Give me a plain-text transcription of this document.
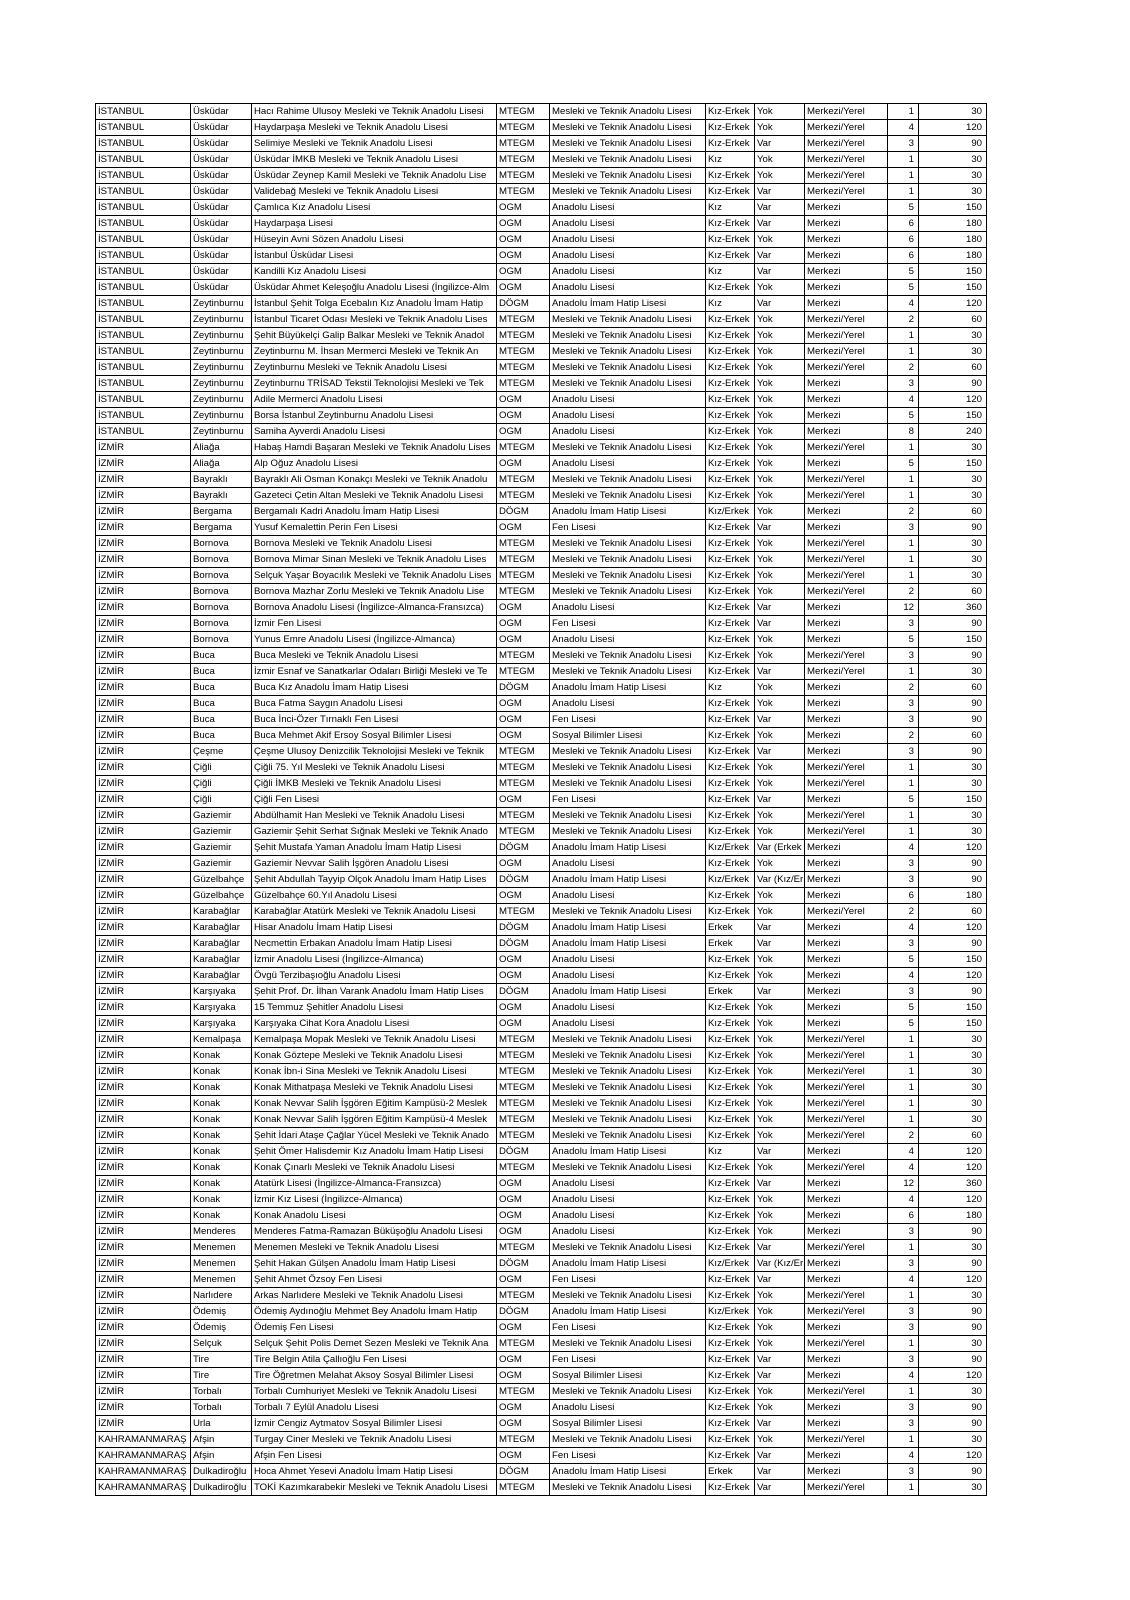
İSTANBUL	Üsküdar	Hacı Rahime Ulusoy Mesleki ve Teknik Anadolu Lisesi	MTEGM	Mesleki ve Teknik Anadolu Lisesi	Kız-Erkek	Yok	Merkezi/Yerel	1	30
İSTANBUL	Üsküdar	Haydarpaşa Mesleki ve Teknik Anadolu Lisesi	MTEGM	Mesleki ve Teknik Anadolu Lisesi	Kız-Erkek	Yok	Merkezi/Yerel	4	120
İSTANBUL	Üsküdar	Selimiye Mesleki ve Teknik Anadolu Lisesi	MTEGM	Mesleki ve Teknik Anadolu Lisesi	Kız-Erkek	Var	Merkezi/Yerel	3	90
İSTANBUL	Üsküdar	Üsküdar İMKB Mesleki ve Teknik Anadolu Lisesi	MTEGM	Mesleki ve Teknik Anadolu Lisesi	Kız	Yok	Merkezi/Yerel	1	30
İSTANBUL	Üsküdar	Üsküdar Zeynep Kamil Mesleki ve Teknik Anadolu Lise	MTEGM	Mesleki ve Teknik Anadolu Lisesi	Kız-Erkek	Yok	Merkezi/Yerel	1	30
İSTANBUL	Üsküdar	Validebağ Mesleki ve Teknik Anadolu Lisesi	MTEGM	Mesleki ve Teknik Anadolu Lisesi	Kız-Erkek	Var	Merkezi/Yerel	1	30
İSTANBUL	Üsküdar	Çamlıca Kız Anadolu Lisesi	OGM	Anadolu Lisesi	Kız	Var	Merkezi	5	150
İSTANBUL	Üsküdar	Haydarpaşa Lisesi	OGM	Anadolu Lisesi	Kız-Erkek	Var	Merkezi	6	180
İSTANBUL	Üsküdar	Hüseyin Avni Sözen Anadolu Lisesi	OGM	Anadolu Lisesi	Kız-Erkek	Yok	Merkezi	6	180
İSTANBUL	Üsküdar	İstanbul Üsküdar Lisesi	OGM	Anadolu Lisesi	Kız-Erkek	Var	Merkezi	6	180
İSTANBUL	Üsküdar	Kandilli Kız Anadolu Lisesi	OGM	Anadolu Lisesi	Kız	Var	Merkezi	5	150
İSTANBUL	Üsküdar	Üsküdar Ahmet Keleşoğlu Anadolu Lisesi (İngilizce-Alm	OGM	Anadolu Lisesi	Kız-Erkek	Yok	Merkezi	5	150
İSTANBUL	Zeytinburnu	İstanbul Şehit Tolga Ecebalın Kız Anadolu İmam Hatip	DÖGM	Anadolu İmam Hatip Lisesi	Kız	Var	Merkezi	4	120
İSTANBUL	Zeytinburnu	İstanbul Ticaret Odası Mesleki ve Teknik Anadolu Lises	MTEGM	Mesleki ve Teknik Anadolu Lisesi	Kız-Erkek	Yok	Merkezi/Yerel	2	60
İSTANBUL	Zeytinburnu	Şehit Büyükelçi Galip Balkar Mesleki ve Teknik Anadol	MTEGM	Mesleki ve Teknik Anadolu Lisesi	Kız-Erkek	Yok	Merkezi/Yerel	1	30
İSTANBUL	Zeytinburnu	Zeytinburnu M. İhsan Mermerci Mesleki ve Teknik An	MTEGM	Mesleki ve Teknik Anadolu Lisesi	Kız-Erkek	Yok	Merkezi/Yerel	1	30
İSTANBUL	Zeytinburnu	Zeytinburnu Mesleki ve Teknik Anadolu Lisesi	MTEGM	Mesleki ve Teknik Anadolu Lisesi	Kız-Erkek	Yok	Merkezi/Yerel	2	60
İSTANBUL	Zeytinburnu	Zeytinburnu TRİSAD Tekstil Teknolojisi Mesleki ve Tek	MTEGM	Mesleki ve Teknik Anadolu Lisesi	Kız-Erkek	Yok	Merkezi	3	90
İSTANBUL	Zeytinburnu	Adile Mermerci Anadolu Lisesi	OGM	Anadolu Lisesi	Kız-Erkek	Yok	Merkezi	4	120
İSTANBUL	Zeytinburnu	Borsa İstanbul Zeytinburnu Anadolu Lisesi	OGM	Anadolu Lisesi	Kız-Erkek	Yok	Merkezi	5	150
İSTANBUL	Zeytinburnu	Samiha Ayverdi Anadolu Lisesi	OGM	Anadolu Lisesi	Kız-Erkek	Yok	Merkezi	8	240
İZMİR	Aliağa	Habaş Hamdi Başaran Mesleki ve Teknik Anadolu Lises	MTEGM	Mesleki ve Teknik Anadolu Lisesi	Kız-Erkek	Yok	Merkezi/Yerel	1	30
İZMİR	Aliağa	Alp Oğuz Anadolu Lisesi	OGM	Anadolu Lisesi	Kız-Erkek	Yok	Merkezi	5	150
İZMİR	Bayraklı	Bayraklı Ali Osman Konakçı Mesleki ve Teknik Anadolu	MTEGM	Mesleki ve Teknik Anadolu Lisesi	Kız-Erkek	Yok	Merkezi/Yerel	1	30
İZMİR	Bayraklı	Gazeteci Çetin Altan Mesleki ve Teknik Anadolu Lisesi	MTEGM	Mesleki ve Teknik Anadolu Lisesi	Kız-Erkek	Yok	Merkezi/Yerel	1	30
İZMİR	Bergama	Bergamalı Kadri Anadolu İmam Hatip Lisesi	DÖGM	Anadolu İmam Hatip Lisesi	Kız/Erkek	Yok	Merkezi	2	60
İZMİR	Bergama	Yusuf Kemalettin Perin Fen Lisesi	OGM	Fen Lisesi	Kız-Erkek	Var	Merkezi	3	90
İZMİR	Bornova	Bornova Mesleki ve Teknik Anadolu Lisesi	MTEGM	Mesleki ve Teknik Anadolu Lisesi	Kız-Erkek	Yok	Merkezi/Yerel	1	30
İZMİR	Bornova	Bornova Mimar Sinan Mesleki ve Teknik Anadolu Lises	MTEGM	Mesleki ve Teknik Anadolu Lisesi	Kız-Erkek	Yok	Merkezi/Yerel	1	30
İZMİR	Bornova	Selçuk Yaşar Boyacılık Mesleki ve Teknik Anadolu Lises	MTEGM	Mesleki ve Teknik Anadolu Lisesi	Kız-Erkek	Yok	Merkezi/Yerel	1	30
İZMİR	Bornova	Bornova Mazhar Zorlu Mesleki ve Teknik Anadolu Lise	MTEGM	Mesleki ve Teknik Anadolu Lisesi	Kız-Erkek	Yok	Merkezi/Yerel	2	60
İZMİR	Bornova	Bornova Anadolu Lisesi (İngilizce-Almanca-Fransızca)	OGM	Anadolu Lisesi	Kız-Erkek	Var	Merkezi	12	360
İZMİR	Bornova	İzmir Fen Lisesi	OGM	Fen Lisesi	Kız-Erkek	Var	Merkezi	3	90
İZMİR	Bornova	Yunus Emre Anadolu Lisesi (İngilizce-Almanca)	OGM	Anadolu Lisesi	Kız-Erkek	Yok	Merkezi	5	150
İZMİR	Buca	Buca Mesleki ve Teknik Anadolu Lisesi	MTEGM	Mesleki ve Teknik Anadolu Lisesi	Kız-Erkek	Yok	Merkezi/Yerel	3	90
İZMİR	Buca	İzmir Esnaf ve Sanatkarlar Odaları Birliği Mesleki ve Te	MTEGM	Mesleki ve Teknik Anadolu Lisesi	Kız-Erkek	Var	Merkezi/Yerel	1	30
İZMİR	Buca	Buca Kız Anadolu İmam Hatip Lisesi	DÖGM	Anadolu İmam Hatip Lisesi	Kız	Yok	Merkezi	2	60
İZMİR	Buca	Buca Fatma Saygın Anadolu Lisesi	OGM	Anadolu Lisesi	Kız-Erkek	Yok	Merkezi	3	90
İZMİR	Buca	Buca İnci-Özer Tırnaklı Fen Lisesi	OGM	Fen Lisesi	Kız-Erkek	Var	Merkezi	3	90
İZMİR	Buca	Buca Mehmet Akif Ersoy Sosyal Bilimler Lisesi	OGM	Sosyal Bilimler Lisesi	Kız-Erkek	Yok	Merkezi	2	60
İZMİR	Çeşme	Çeşme Ulusoy Denizcilik Teknolojisi Mesleki ve Teknik	MTEGM	Mesleki ve Teknik Anadolu Lisesi	Kız-Erkek	Var	Merkezi	3	90
İZMİR	Çiğli	Çiğli 75. Yıl Mesleki ve Teknik Anadolu Lisesi	MTEGM	Mesleki ve Teknik Anadolu Lisesi	Kız-Erkek	Yok	Merkezi/Yerel	1	30
İZMİR	Çiğli	Çiğli İMKB Mesleki ve Teknik Anadolu Lisesi	MTEGM	Mesleki ve Teknik Anadolu Lisesi	Kız-Erkek	Yok	Merkezi/Yerel	1	30
İZMİR	Çiğli	Çiğli Fen Lisesi	OGM	Fen Lisesi	Kız-Erkek	Var	Merkezi	5	150
İZMİR	Gaziemir	Abdülhamit Han Mesleki ve Teknik Anadolu Lisesi	MTEGM	Mesleki ve Teknik Anadolu Lisesi	Kız-Erkek	Yok	Merkezi/Yerel	1	30
İZMİR	Gaziemir	Gaziemir Şehit Serhat Sığnak Mesleki ve Teknik Anado	MTEGM	Mesleki ve Teknik Anadolu Lisesi	Kız-Erkek	Yok	Merkezi/Yerel	1	30
İZMİR	Gaziemir	Şehit Mustafa Yaman Anadolu İmam Hatip Lisesi	DÖGM	Anadolu İmam Hatip Lisesi	Kız/Erkek	Var (Erkek	Merkezi	4	120
İZMİR	Gaziemir	Gaziemir Nevvar Salih İşgören Anadolu Lisesi	OGM	Anadolu Lisesi	Kız-Erkek	Yok	Merkezi	3	90
İZMİR	Güzelbahçe	Şehit Abdullah Tayyip Olçok Anadolu İmam Hatip Lises	DÖGM	Anadolu İmam Hatip Lisesi	Kız/Erkek	Var (Kız/Er	Merkezi	3	90
İZMİR	Güzelbahçe	Güzelbahçe 60.Yıl Anadolu Lisesi	OGM	Anadolu Lisesi	Kız-Erkek	Yok	Merkezi	6	180
İZMİR	Karabağlar	Karabağlar Atatürk Mesleki ve Teknik Anadolu Lisesi	MTEGM	Mesleki ve Teknik Anadolu Lisesi	Kız-Erkek	Yok	Merkezi/Yerel	2	60
İZMİR	Karabağlar	Hisar Anadolu İmam Hatip Lisesi	DÖGM	Anadolu İmam Hatip Lisesi	Erkek	Var	Merkezi	4	120
İZMİR	Karabağlar	Necmettin Erbakan Anadolu İmam Hatip Lisesi	DÖGM	Anadolu İmam Hatip Lisesi	Erkek	Var	Merkezi	3	90
İZMİR	Karabağlar	İzmir Anadolu Lisesi (İngilizce-Almanca)	OGM	Anadolu Lisesi	Kız-Erkek	Yok	Merkezi	5	150
İZMİR	Karabağlar	Övgü Terzibaşıoğlu Anadolu Lisesi	OGM	Anadolu Lisesi	Kız-Erkek	Yok	Merkezi	4	120
İZMİR	Karşıyaka	Şehit Prof. Dr. İlhan Varank Anadolu İmam Hatip Lises	DÖGM	Anadolu İmam Hatip Lisesi	Erkek	Var	Merkezi	3	90
İZMİR	Karşıyaka	15 Temmuz Şehitler Anadolu Lisesi	OGM	Anadolu Lisesi	Kız-Erkek	Yok	Merkezi	5	150
İZMİR	Karşıyaka	Karşıyaka Cihat Kora Anadolu Lisesi	OGM	Anadolu Lisesi	Kız-Erkek	Yok	Merkezi	5	150
İZMİR	Kemalpaşa	Kemalpaşa Mopak Mesleki ve Teknik Anadolu Lisesi	MTEGM	Mesleki ve Teknik Anadolu Lisesi	Kız-Erkek	Yok	Merkezi/Yerel	1	30
İZMİR	Konak	Konak Göztepe Mesleki ve Teknik Anadolu Lisesi	MTEGM	Mesleki ve Teknik Anadolu Lisesi	Kız-Erkek	Yok	Merkezi/Yerel	1	30
İZMİR	Konak	Konak İbn-i Sina Mesleki ve Teknik Anadolu Lisesi	MTEGM	Mesleki ve Teknik Anadolu Lisesi	Kız-Erkek	Yok	Merkezi/Yerel	1	30
İZMİR	Konak	Konak Mithatpaşa Mesleki ve Teknik Anadolu Lisesi	MTEGM	Mesleki ve Teknik Anadolu Lisesi	Kız-Erkek	Yok	Merkezi/Yerel	1	30
İZMİR	Konak	Konak Nevvar Salih İşgören Eğitim Kampüsü-2 Meslek	MTEGM	Mesleki ve Teknik Anadolu Lisesi	Kız-Erkek	Yok	Merkezi/Yerel	1	30
İZMİR	Konak	Konak Nevvar Salih İşgören Eğitim Kampüsü-4 Meslek	MTEGM	Mesleki ve Teknik Anadolu Lisesi	Kız-Erkek	Yok	Merkezi/Yerel	1	30
İZMİR	Konak	Şehit İdari Ataşe Çağlar Yücel Mesleki ve Teknik Anado	MTEGM	Mesleki ve Teknik Anadolu Lisesi	Kız-Erkek	Yok	Merkezi/Yerel	2	60
İZMİR	Konak	Şehit Ömer Halisdemir Kız Anadolu İmam Hatip Lisesi	DÖGM	Anadolu İmam Hatip Lisesi	Kız	Var	Merkezi	4	120
İZMİR	Konak	Konak Çınarlı Mesleki ve Teknik Anadolu Lisesi	MTEGM	Mesleki ve Teknik Anadolu Lisesi	Kız-Erkek	Yok	Merkezi/Yerel	4	120
İZMİR	Konak	Atatürk Lisesi (İngilizce-Almanca-Fransızca)	OGM	Anadolu Lisesi	Kız-Erkek	Var	Merkezi	12	360
İZMİR	Konak	İzmir Kız Lisesi (İngilizce-Almanca)	OGM	Anadolu Lisesi	Kız-Erkek	Yok	Merkezi	4	120
İZMİR	Konak	Konak Anadolu Lisesi	OGM	Anadolu Lisesi	Kız-Erkek	Yok	Merkezi	6	180
İZMİR	Menderes	Menderes Fatma-Ramazan Büküşoğlu Anadolu Lisesi	OGM	Anadolu Lisesi	Kız-Erkek	Yok	Merkezi	3	90
İZMİR	Menemen	Menemen Mesleki ve Teknik Anadolu Lisesi	MTEGM	Mesleki ve Teknik Anadolu Lisesi	Kız-Erkek	Var	Merkezi/Yerel	1	30
İZMİR	Menemen	Şehit Hakan Gülşen Anadolu İmam Hatip Lisesi	DÖGM	Anadolu İmam Hatip Lisesi	Kız/Erkek	Var (Kız/Er	Merkezi	3	90
İZMİR	Menemen	Şehit Ahmet Özsoy Fen Lisesi	OGM	Fen Lisesi	Kız-Erkek	Var	Merkezi	4	120
İZMİR	Narlıdere	Arkas Narlıdere Mesleki ve Teknik Anadolu Lisesi	MTEGM	Mesleki ve Teknik Anadolu Lisesi	Kız-Erkek	Yok	Merkezi/Yerel	1	30
İZMİR	Ödemiş	Ödemiş Aydınoğlu Mehmet Bey Anadolu İmam Hatip	DÖGM	Anadolu İmam Hatip Lisesi	Kız/Erkek	Yok	Merkezi/Yerel	3	90
İZMİR	Ödemiş	Ödemiş Fen Lisesi	OGM	Fen Lisesi	Kız-Erkek	Yok	Merkezi	3	90
İZMİR	Selçuk	Selçuk Şehit Polis Demet Sezen Mesleki ve Teknik Ana	MTEGM	Mesleki ve Teknik Anadolu Lisesi	Kız-Erkek	Yok	Merkezi/Yerel	1	30
İZMİR	Tire	Tire Belgin Atila Çallıoğlu Fen Lisesi	OGM	Fen Lisesi	Kız-Erkek	Var	Merkezi	3	90
İZMİR	Tire	Tire Öğretmen Melahat Aksoy Sosyal Bilimler Lisesi	OGM	Sosyal Bilimler Lisesi	Kız-Erkek	Var	Merkezi	4	120
İZMİR	Torbalı	Torbalı Cumhuriyet Mesleki ve Teknik Anadolu Lisesi	MTEGM	Mesleki ve Teknik Anadolu Lisesi	Kız-Erkek	Yok	Merkezi/Yerel	1	30
İZMİR	Torbalı	Torbalı 7 Eylül Anadolu Lisesi	OGM	Anadolu Lisesi	Kız-Erkek	Yok	Merkezi	3	90
İZMİR	Urla	İzmir Cengiz Aytmatov Sosyal Bilimler Lisesi	OGM	Sosyal Bilimler Lisesi	Kız-Erkek	Var	Merkezi	3	90
KAHRAMANMARAŞ	Afşin	Turgay Ciner Mesleki ve Teknik Anadolu Lisesi	MTEGM	Mesleki ve Teknik Anadolu Lisesi	Kız-Erkek	Yok	Merkezi/Yerel	1	30
KAHRAMANMARAŞ	Afşin	Afşin Fen Lisesi	OGM	Fen Lisesi	Kız-Erkek	Var	Merkezi	4	120
KAHRAMANMARAŞ	Dulkadiroğlu	Hoca Ahmet Yesevi Anadolu İmam Hatip Lisesi	DÖGM	Anadolu İmam Hatip Lisesi	Erkek	Var	Merkezi	3	90
KAHRAMANMARAŞ	Dulkadiroğlu	TOKİ Kazımkarabekir Mesleki ve Teknik Anadolu Lisesi	MTEGM	Mesleki ve Teknik Anadolu Lisesi	Kız-Erkek	Var	Merkezi/Yerel	1	30
